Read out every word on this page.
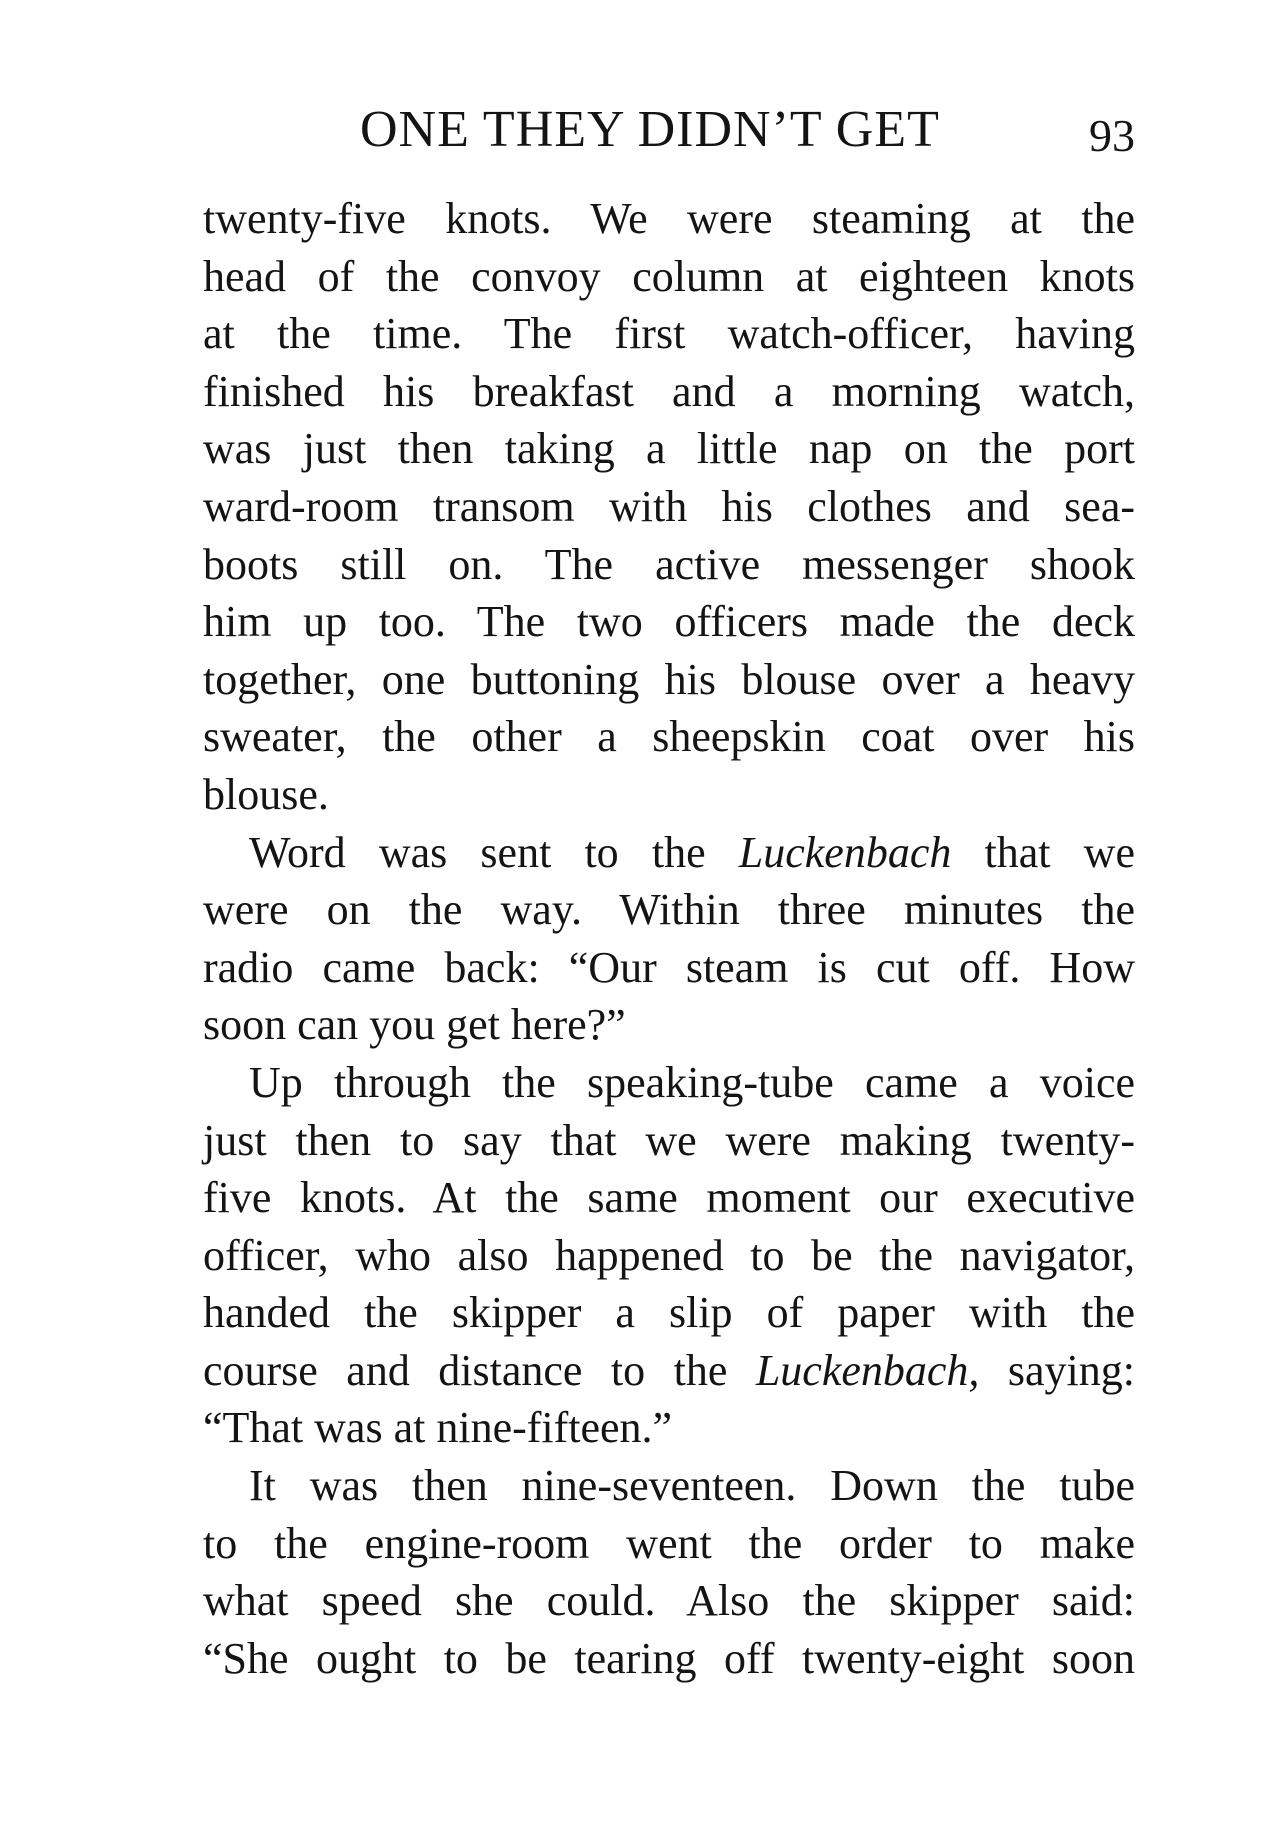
ONE THEY DIDN’T GET	93
twenty-five knots. We were steaming at the
head of the convoy column at eighteen knots
at the time. The first watch-officer, having
finished his breakfast and a morning watch,
was just then taking a little nap on the port
ward-room transom with his clothes and sea-
boots still on. The active messenger shook
him up too. The two officers made the deck
together, one buttoning his blouse over a heavy
sweater, the other a sheepskin coat over his
blouse.
Word was sent to the Luckenbach that we
were on the way. Within three minutes the
radio came back: “Our steam is cut off. How
soon can you get here?”
Up through the speaking-tube came a voice
just then to say that we were making twenty-
five knots. At the same moment our executive
officer, who also happened to be the navigator,
handed the skipper a slip of paper with the
course and distance to the Luckenbach, saying:
“That was at nine-fifteen.”
It was then nine-seventeen. Down the tube
to the engine-room went the order to make
what speed she could. Also the skipper said:
“She ought to be tearing off twenty-eight soon
